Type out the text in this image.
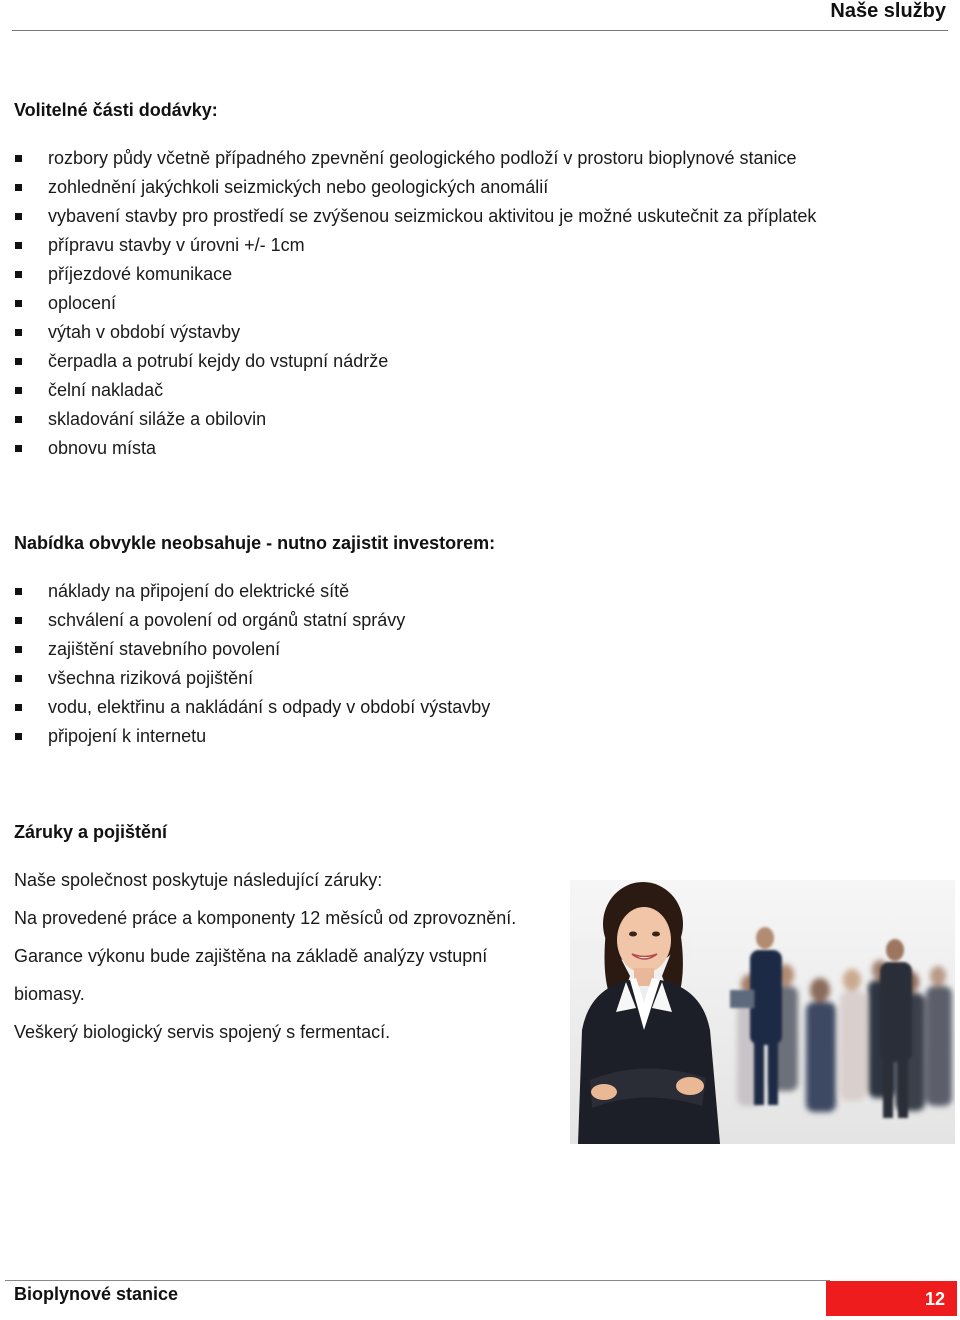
Naše služby
Volitelné části dodávky:
rozbory půdy včetně případného zpevnění geologického podloží v prostoru bioplynové stanice
zohlednění jakýchkoli seizmických nebo geologických anomálií
vybavení stavby pro prostředí se zvýšenou seizmickou aktivitou je možné uskutečnit za příplatek
přípravu stavby v úrovni +/- 1cm
příjezdové komunikace
oplocení
výtah v období výstavby
čerpadla a potrubí kejdy do vstupní nádrže
čelní nakladač
skladování siláže a obilovin
obnovu místa
Nabídka obvykle neobsahuje - nutno zajistit investorem:
náklady na připojení do elektrické sítě
schválení a povolení od orgánů statní správy
zajištění stavebního povolení
všechna riziková pojištění
vodu, elektřinu a nakládání s odpady v období výstavby
připojení k internetu
Záruky a pojištění

Naše společnost poskytuje následující záruky:

Na provedené práce a komponenty 12 měsíců od zprovoznění.

Garance výkonu bude zajištěna na základě analýzy vstupní

biomasy.

Veškerý biologický servis spojený s fermentací.

Bioplynové stanice	12
